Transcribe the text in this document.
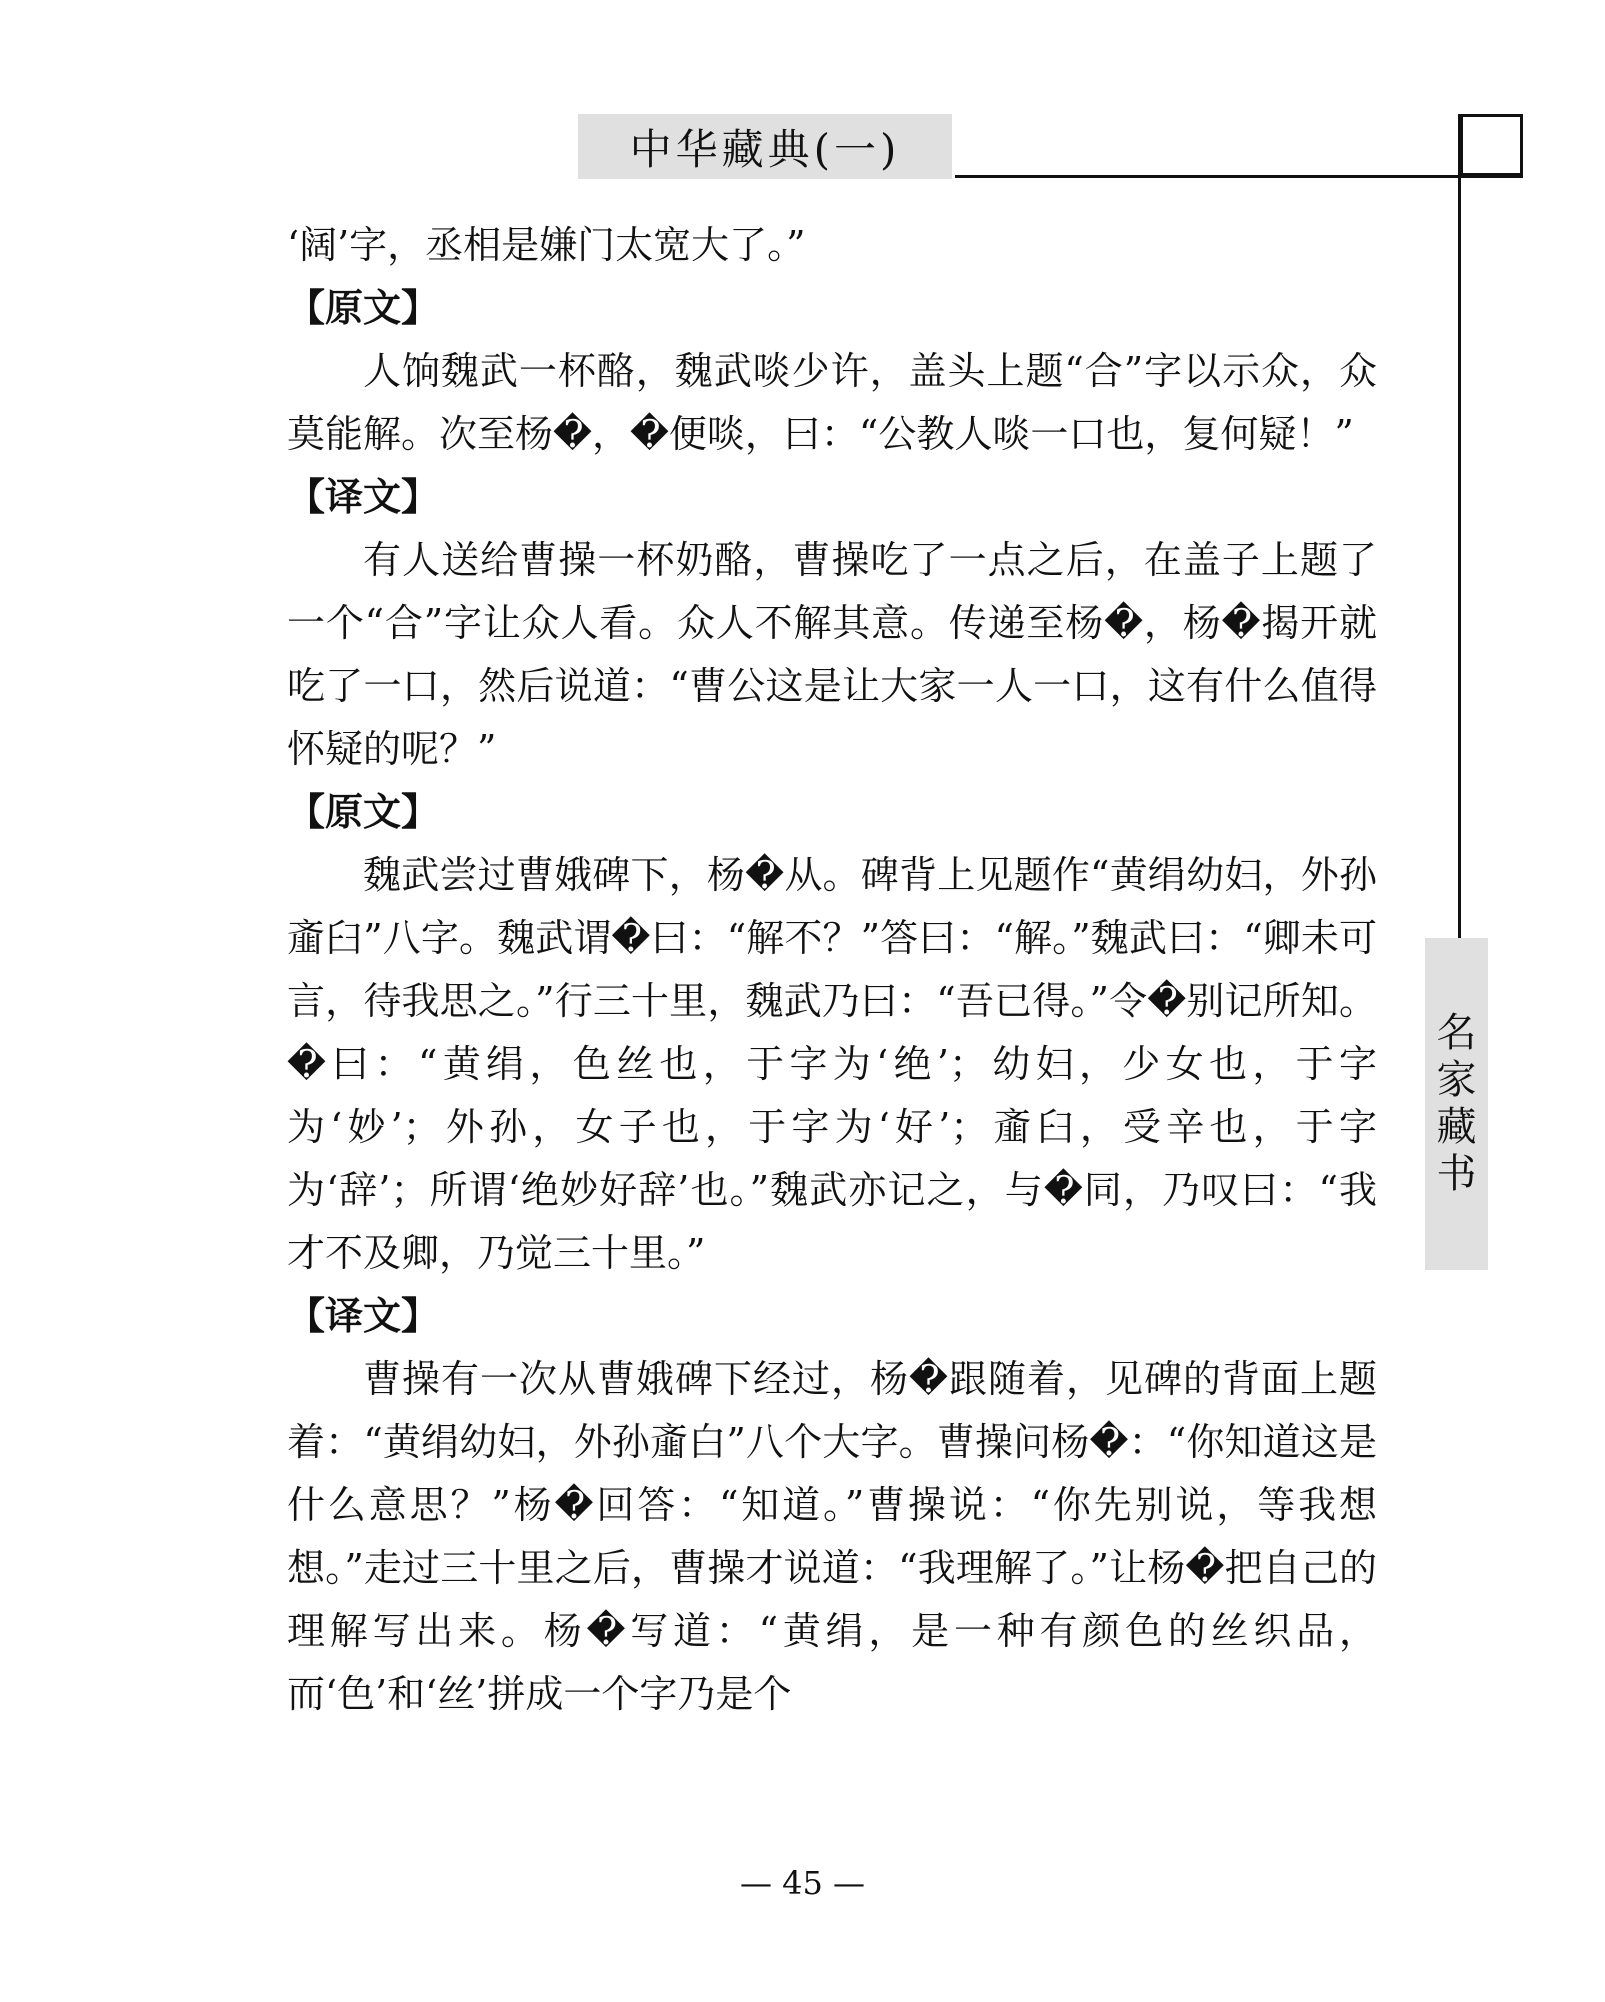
中华藏典(一)
名
家
藏
书

‘阔’字，丞相是嫌门太宽大了。”

【原文】

人饷魏武一杯酪，魏武啖少许，盖头上题“合”字以示众，众莫能解。次至杨�，�便啖，曰：“公教人啖一口也，复何疑！”

【译文】

有人送给曹操一杯奶酪，曹操吃了一点之后，在盖子上题了一个“合”字让众人看。众人不解其意。传递至杨�，杨�揭开就吃了一口，然后说道：“曹公这是让大家一人一口，这有什么值得怀疑的呢？”

【原文】

魏武尝过曹娥碑下，杨�从。碑背上见题作“黄绢幼妇，外孙齑臼”八字。魏武谓�曰：“解不？”答曰：“解。”魏武曰：“卿未可言，待我思之。”行三十里，魏武乃曰：“吾已得。”令�别记所知。�曰：“黄绢，色丝也，于字为‘绝’；幼妇，少女也，于字为‘妙’；外孙，女子也，于字为‘好’；齑臼，受辛也，于字为‘辞’；所谓‘绝妙好辞’也。”魏武亦记之，与�同，乃叹曰：“我才不及卿，乃觉三十里。”

【译文】

曹操有一次从曹娥碑下经过，杨�跟随着，见碑的背面上题着：“黄绢幼妇，外孙齑白”八个大字。曹操问杨�：“你知道这是什么意思？”杨�回答：“知道。”曹操说：“你先别说，等我想想。”走过三十里之后，曹操才说道：“我理解了。”让杨�把自己的理解写出来。杨�写道：“黄绢，是一种有颜色的丝织品，而‘色’和‘丝’拼成一个字乃是个

— 45 —
